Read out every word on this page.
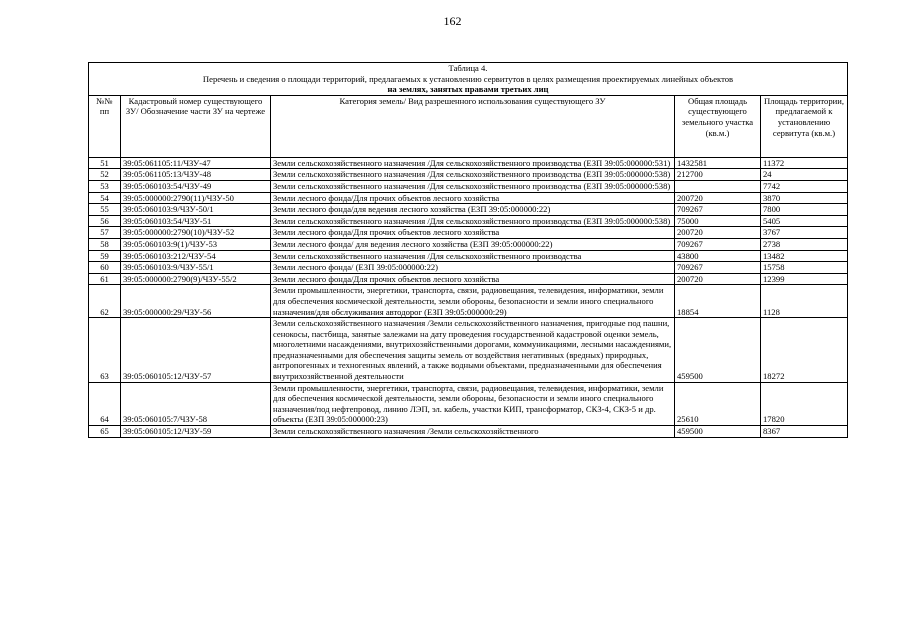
162
Таблица 4.
Перечень и сведения о площади территорий, предлагаемых к установлению сервитутов в целях размещения проектируемых линейных объектов
на землях, занятых правами третьих лиц				

№№ пп	Кадастровый номер существующего ЗУ/ Обозначение части ЗУ на чертеже	Категория земель/ Вид разрешенного использования существующего ЗУ	Общая площадь существующего земельного участка (кв.м.)	Площадь территории, предлагаемой к установлению сервитута (кв.м.)
51	39:05:061105:11/ЧЗУ-47	Земли сельскохозяйственного назначения /Для сельскохозяйственного производства (ЕЗП 39:05:000000:531)	1432581	11372
52	39:05:061105:13/ЧЗУ-48	Земли сельскохозяйственного назначения /Для сельскохозяйственного производства (ЕЗП 39:05:000000:538)	212700	24
53	39:05:060103:54/ЧЗУ-49	Земли сельскохозяйственного назначения /Для сельскохозяйственного производства (ЕЗП 39:05:000000:538)		7742
54	39:05:000000:2790(11)/ЧЗУ-50	Земли лесного фонда/Для прочих объектов лесного хозяйства	200720	3870
55	39:05:060103:9/ЧЗУ-50/1	Земли лесного фонда/для ведения лесного хозяйства (ЕЗП 39:05:000000:22)	709267	7800
56	39:05:060103:54/ЧЗУ-51	Земли сельскохозяйственного назначения /Для сельскохозяйственного производства (ЕЗП 39:05:000000:538)	75000	5405
57	39:05:000000:2790(10)/ЧЗУ-52	Земли лесного фонда/Для прочих объектов лесного хозяйства	200720	3767
58	39:05:060103:9(1)/ЧЗУ-53	Земли лесного фонда/ для ведения лесного хозяйства (ЕЗП 39:05:000000:22)	709267	2738
59	39:05:060103:212/ЧЗУ-54	Земли сельскохозяйственного назначения /Для сельскохозяйственного производства	43800	13482
60	39:05:060103:9/ЧЗУ-55/1	Земли лесного фонда/ (ЕЗП 39:05:000000:22)	709267	15758
61	39:05:000000:2790(9)/ЧЗУ-55/2	Земли лесного фонда/Для прочих объектов лесного хозяйства	200720	12399
62	39:05:000000:29/ЧЗУ-56	Земли промышленности, энергетики, транспорта, связи, радиовещания, телевидения, информатики, земли для обеспечения космической деятельности, земли обороны, безопасности и земли иного специального назначения/для обслуживания автодорог (ЕЗП 39:05:000000:29)	18854	1128
63	39:05:060105:12/ЧЗУ-57	Земли сельскохозяйственного назначения /Земли сельскохозяйственного назначения, пригодные под пашни, сенокосы, пастбища, занятые залежами на дату проведения государственной кадастровой оценки земель, многолетними насаждениями, внутрихозяйственными дорогами, коммуникациями, лесными насаждениями, предназначенными для обеспечения защиты земель от воздействия негативных (вредных) природных, антропогенных и техногенных явлений, а также водными объектами, предназначенными для обеспечения внутрихозяйственной деятельности	459500	18272
64	39:05:060105:7/ЧЗУ-58	Земли промышленности, энергетики, транспорта, связи, радиовещания, телевидения, информатики, земли для обеспечения космической деятельности, земли обороны, безопасности и земли иного специального назначения/под нефтепровод, линию ЛЭП, эл. кабель, участки КИП, трансформатор, СКЗ-4, СКЗ-5 и др. объекты (ЕЗП 39:05:000000:23)	25610	17820
65	39:05:060105:12/ЧЗУ-59	Земли сельскохозяйственного назначения /Земли сельскохозяйственного	459500	8367
